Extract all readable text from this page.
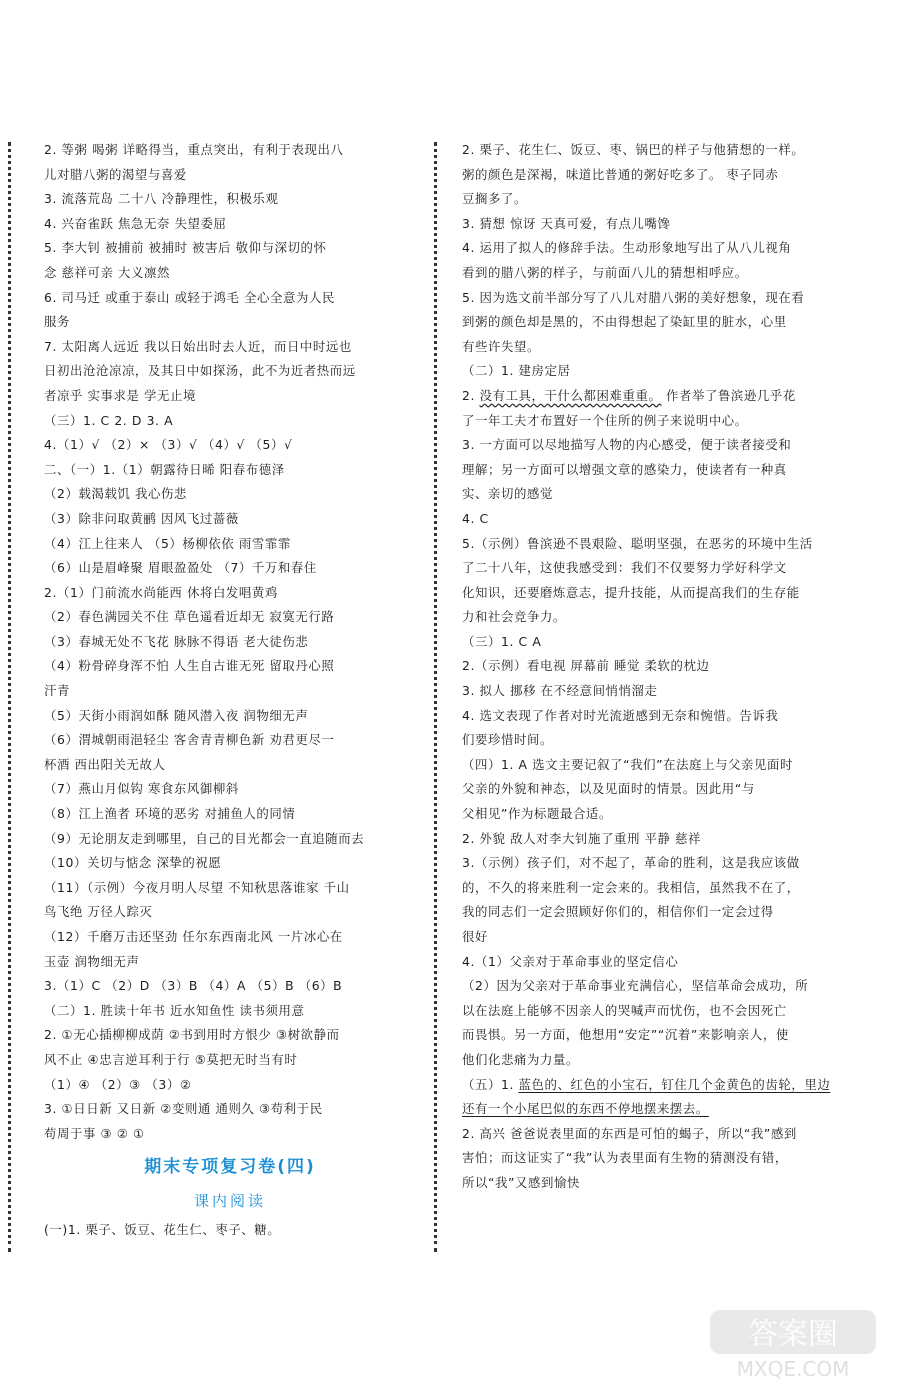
2. 等粥 喝粥 详略得当，重点突出，有利于表现出八
儿对腊八粥的渴望与喜爱
3. 流落荒岛 二十八 冷静理性，积极乐观
4. 兴奋雀跃 焦急无奈 失望委屈
5. 李大钊 被捕前 被捕时 被害后 敬仰与深切的怀
念 慈祥可亲 大义凛然
6. 司马迁 或重于泰山 或轻于鸿毛 全心全意为人民
服务
7. 太阳离人远近 我以日始出时去人近，而日中时远也
日初出沧沧凉凉，及其日中如探汤，此不为近者热而远
者凉乎 实事求是 学无止境
（三）1. C 2. D 3. A
4.（1）√ （2）× （3）√ （4）√ （5）√
二、（一）1.（1）朝露待日晞 阳春布德泽
（2）载渴载饥 我心伤悲
（3）除非问取黄鹂 因风飞过蔷薇
（4）江上往来人 （5）杨柳依依 雨雪霏霏
（6）山是眉峰聚 眉眼盈盈处 （7）千万和春住
2.（1）门前流水尚能西 休将白发唱黄鸡
（2）春色满园关不住 草色遥看近却无 寂寞无行路
（3）春城无处不飞花 脉脉不得语 老大徒伤悲
（4）粉骨碎身浑不怕 人生自古谁无死 留取丹心照
汗青
（5）天街小雨润如酥 随风潜入夜 润物细无声
（6）渭城朝雨浥轻尘 客舍青青柳色新 劝君更尽一
杯酒 西出阳关无故人
（7）燕山月似钩 寒食东风御柳斜
（8）江上渔者 环境的恶劣 对捕鱼人的同情
（9）无论朋友走到哪里，自己的目光都会一直追随而去
（10）关切与惦念 深挚的祝愿
（11）（示例）今夜月明人尽望 不知秋思落谁家 千山
鸟飞绝 万径人踪灭
（12）千磨万击还坚劲 任尔东西南北风 一片冰心在
玉壶 润物细无声
3.（1）C （2）D （3）B （4）A （5）B （6）B
（二）1. 胜读十年书 近水知鱼性 读书须用意
2. ①无心插柳柳成荫 ②书到用时方恨少 ③树欲静而
风不止 ④忠言逆耳利于行 ⑤莫把无时当有时
（1）④ （2）③ （3）②
3. ①日日新 又日新 ②变则通 通则久 ③苟利于民
苟周于事 ③ ② ①
期末专项复习卷(四)
课内阅读
(一)1. 栗子、饭豆、花生仁、枣子、糖。
2. 栗子、花生仁、饭豆、枣、锅巴的样子与他猜想的一样。
粥的颜色是深褐，味道比普通的粥好吃多了。 枣子同赤
豆搁多了。
3. 猜想 惊讶 天真可爱，有点儿嘴馋
4. 运用了拟人的修辞手法。生动形象地写出了从八儿视角
看到的腊八粥的样子，与前面八儿的猜想相呼应。
5. 因为选文前半部分写了八儿对腊八粥的美好想象，现在看
到粥的颜色却是黑的，不由得想起了染缸里的脏水，心里
有些许失望。
（二）1. 建房定居
2. 没有工具，干什么都困难重重。 作者举了鲁滨逊几乎花
了一年工夫才布置好一个住所的例子来说明中心。
3. 一方面可以尽地描写人物的内心感受，便于读者接受和
理解；另一方面可以增强文章的感染力，使读者有一种真
实、亲切的感觉
4. C
5.（示例）鲁滨逊不畏艰险、聪明坚强，在恶劣的环境中生活
了二十八年，这使我感受到：我们不仅要努力学好科学文
化知识，还要磨炼意志，提升技能，从而提高我们的生存能
力和社会竞争力。
（三）1. C A
2.（示例）看电视 屏幕前 睡觉 柔软的枕边
3. 拟人 挪移 在不经意间悄悄溜走
4. 选文表现了作者对时光流逝感到无奈和惋惜。告诉我
们要珍惜时间。
（四）1. A 选文主要记叙了“我们”在法庭上与父亲见面时
父亲的外貌和神态，以及见面时的情景。因此用“与
父相见”作为标题最合适。
2. 外貌 敌人对李大钊施了重刑 平静 慈祥
3.（示例）孩子们，对不起了，革命的胜利，这是我应该做
的，不久的将来胜利一定会来的。我相信，虽然我不在了，
我的同志们一定会照顾好你们的，相信你们一定会过得
很好
4.（1）父亲对于革命事业的坚定信心
（2）因为父亲对于革命事业充满信心，坚信革命会成功，所
以在法庭上能够不因亲人的哭喊声而忧伤，也不会因死亡
而畏惧。另一方面，他想用“安定”“沉着”来影响亲人，使
他们化悲痛为力量。
（五）1. 蓝色的、红色的小宝石，钉住几个金黄色的齿轮，里边
还有一个小尾巴似的东西不停地摆来摆去。
2. 高兴 爸爸说表里面的东西是可怕的蝎子，所以“我”感到
害怕；而这证实了“我”认为表里面有生物的猜测没有错，
所以“我”又感到愉快
答案圈
MXQE.COM
